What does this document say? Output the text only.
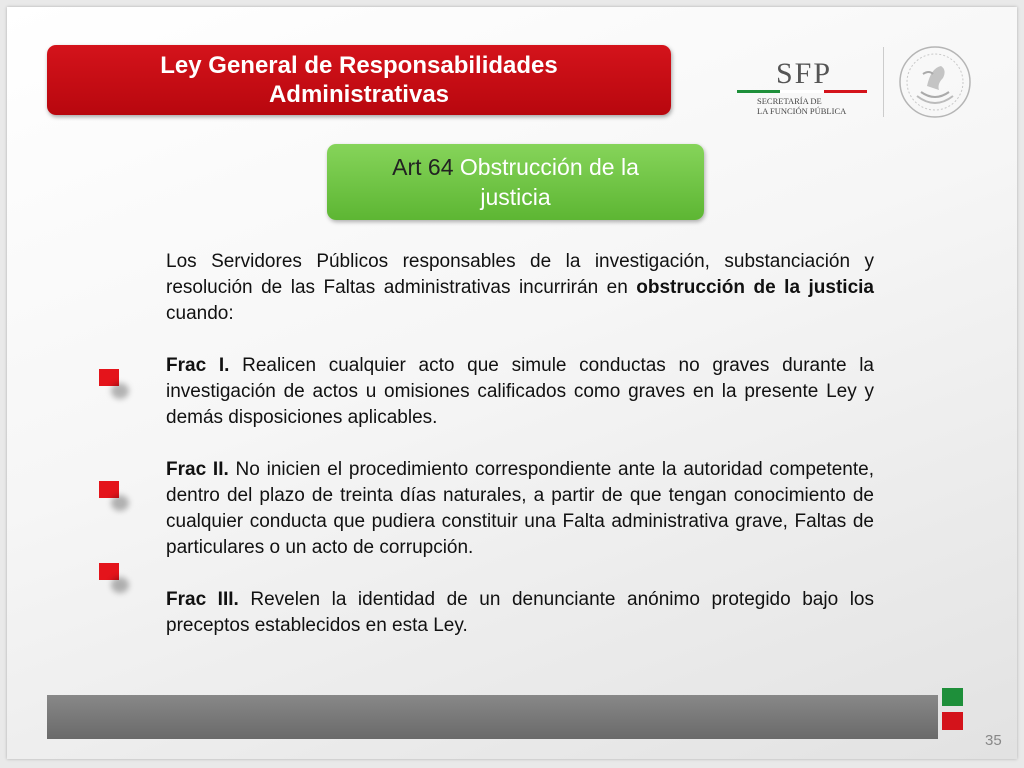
Ley General de Responsabilidades
Administrativas
SFP
SECRETARÍA DE
LA FUNCIÓN PÚBLICA
Art 64 Obstrucción de la justicia

Los Servidores Públicos responsables de la investigación, substanciación y resolución de las Faltas administrativas incurrirán en obstrucción de la justicia cuando:

Frac I. Realicen cualquier acto que simule conductas no graves durante la investigación de actos u omisiones calificados como graves en la presente Ley y demás disposiciones aplicables.

Frac II. No inicien el procedimiento correspondiente ante la autoridad competente, dentro del plazo de treinta días naturales, a partir de que tengan conocimiento de cualquier conducta que pudiera constituir una Falta administrativa grave, Faltas de particulares o un acto de corrupción.

Frac III. Revelen la identidad de un denunciante anónimo protegido bajo los preceptos establecidos en esta Ley.

35
